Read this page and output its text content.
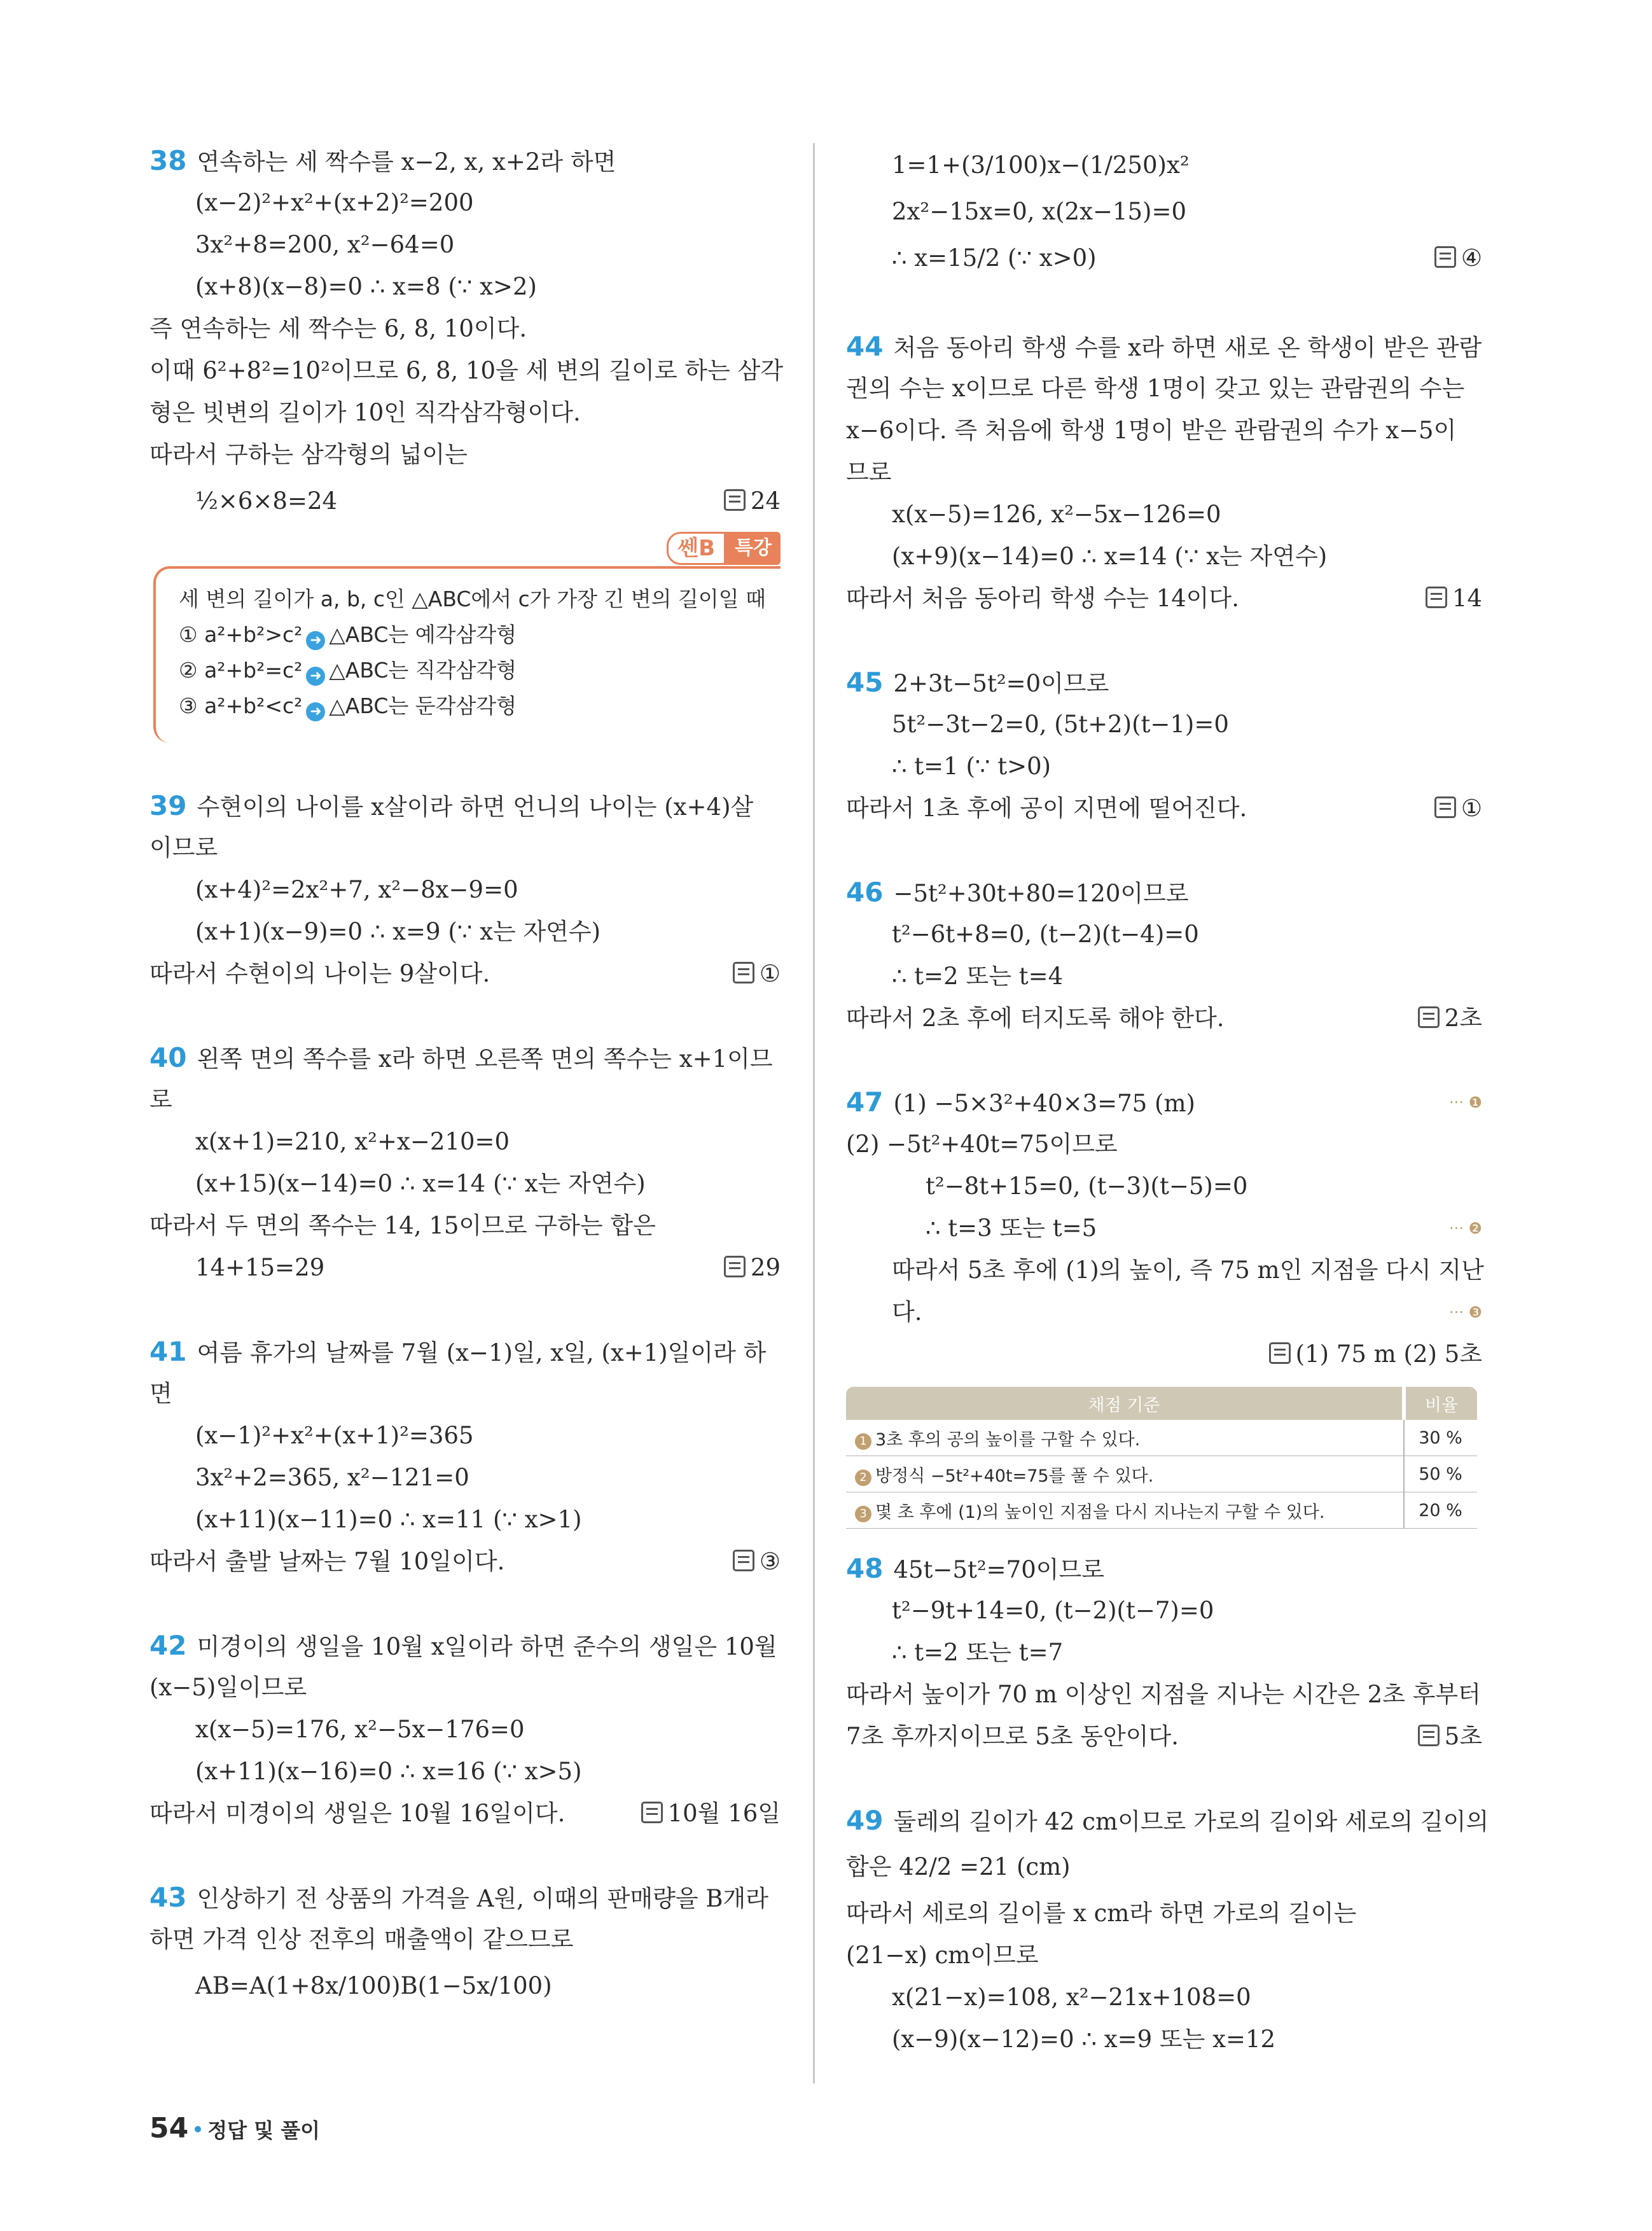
38 연속하는 세 짝수를 x−2, x, x+2라 하면
(x−2)²+x²+(x+2)²=200
3x²+8=200, x²−64=0
(x+8)(x−8)=0 ∴ x=8 (∵ x>2)
즉 연속하는 세 짝수는 6, 8, 10이다.
이때 6²+8²=10²이므로 6, 8, 10을 세 변의 길이로 하는 삼각
형은 빗변의 길이가 10인 직각삼각형이다.
따라서 구하는 삼각형의 넓이는
½×6×8=24	24
쎈B	특강
세 변의 길이가 a, b, c인 △ABC에서 c가 가장 긴 변의 길이일 때
① a²+b²>c² ➜ △ABC는 예각삼각형
② a²+b²=c² ➜ △ABC는 직각삼각형
③ a²+b²<c² ➜ △ABC는 둔각삼각형
39 수현이의 나이를 x살이라 하면 언니의 나이는 (x+4)살
이므로
(x+4)²=2x²+7, x²−8x−9=0
(x+1)(x−9)=0 ∴ x=9 (∵ x는 자연수)
따라서 수현이의 나이는 9살이다.	①
40 왼쪽 면의 쪽수를 x라 하면 오른쪽 면의 쪽수는 x+1이므
로
x(x+1)=210, x²+x−210=0
(x+15)(x−14)=0 ∴ x=14 (∵ x는 자연수)
따라서 두 면의 쪽수는 14, 15이므로 구하는 합은
14+15=29	29
41 여름 휴가의 날짜를 7월 (x−1)일, x일, (x+1)일이라 하
면
(x−1)²+x²+(x+1)²=365
3x²+2=365, x²−121=0
(x+11)(x−11)=0 ∴ x=11 (∵ x>1)
따라서 출발 날짜는 7월 10일이다.	③
42 미경이의 생일을 10월 x일이라 하면 준수의 생일은 10월
(x−5)일이므로
x(x−5)=176, x²−5x−176=0
(x+11)(x−16)=0 ∴ x=16 (∵ x>5)
따라서 미경이의 생일은 10월 16일이다.	10월 16일
43 인상하기 전 상품의 가격을 A원, 이때의 판매량을 B개라
하면 가격 인상 전후의 매출액이 같으므로
AB=A(1+8x/100)B(1−5x/100)
1=1+(3/100)x−(1/250)x²
2x²−15x=0, x(2x−15)=0
∴ x=15/2 (∵ x>0)	④
44 처음 동아리 학생 수를 x라 하면 새로 온 학생이 받은 관람
권의 수는 x이므로 다른 학생 1명이 갖고 있는 관람권의 수는
x−6이다. 즉 처음에 학생 1명이 받은 관람권의 수가 x−5이
므로
x(x−5)=126, x²−5x−126=0
(x+9)(x−14)=0 ∴ x=14 (∵ x는 자연수)
따라서 처음 동아리 학생 수는 14이다.	14
45 2+3t−5t²=0이므로
5t²−3t−2=0, (5t+2)(t−1)=0
∴ t=1 (∵ t>0)
따라서 1초 후에 공이 지면에 떨어진다.	①
46 −5t²+30t+80=120이므로
t²−6t+8=0, (t−2)(t−4)=0
∴ t=2 또는 t=4
따라서 2초 후에 터지도록 해야 한다.	2초
47 (1) −5×3²+40×3=75 (m)	··· ❶
(2) −5t²+40t=75이므로
t²−8t+15=0, (t−3)(t−5)=0
∴ t=3 또는 t=5	··· ❷
따라서 5초 후에 (1)의 높이, 즉 75 m인 지점을 다시 지난
다.	··· ❸
(1) 75 m (2) 5초
채점 기준	비율
1 3초 후의 공의 높이를 구할 수 있다.	30 %
2 방정식 −5t²+40t=75를 풀 수 있다.	50 %
3 몇 초 후에 (1)의 높이인 지점을 다시 지나는지 구할 수 있다.	20 %
48 45t−5t²=70이므로
t²−9t+14=0, (t−2)(t−7)=0
∴ t=2 또는 t=7
따라서 높이가 70 m 이상인 지점을 지나는 시간은 2초 후부터
7초 후까지이므로 5초 동안이다.	5초
49 둘레의 길이가 42 cm이므로 가로의 길이와 세로의 길이의
합은 42/2 =21 (cm)
따라서 세로의 길이를 x cm라 하면 가로의 길이는
(21−x) cm이므로
x(21−x)=108, x²−21x+108=0
(x−9)(x−12)=0 ∴ x=9 또는 x=12
54 정답 및 풀이
